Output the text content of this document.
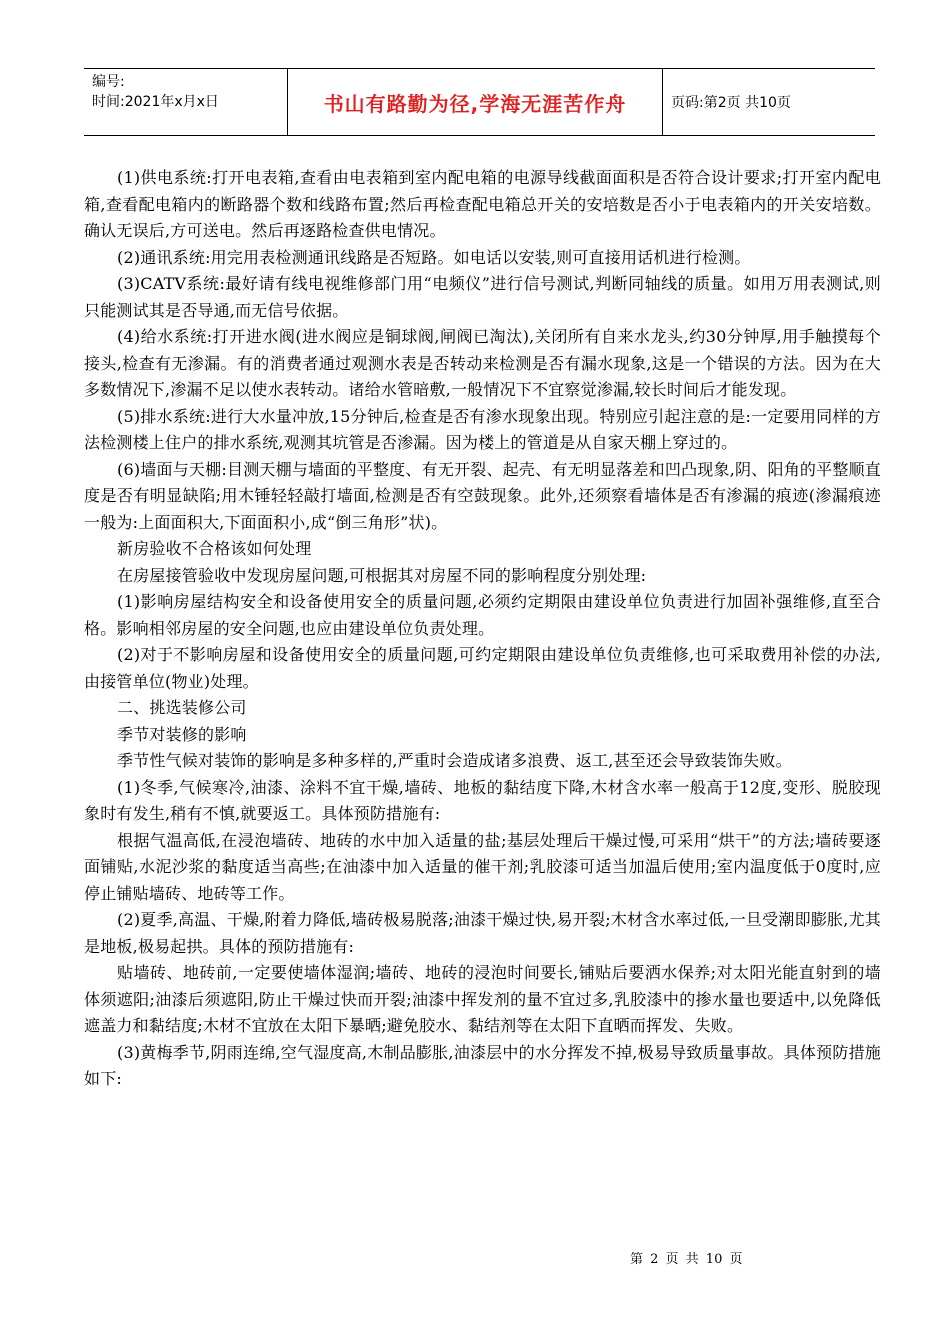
编号:
时间:2021年x月x日	书山有路勤为径,学海无涯苦作舟	页码:第2页 共10页

(1)供电系统:打开电表箱,查看由电表箱到室内配电箱的电源导线截面面积是否符合设计要求;打开室内配电箱,查看配电箱内的断路器个数和线路布置;然后再检查配电箱总开关的安培数是否小于电表箱内的开关安培数。确认无误后,方可送电。然后再逐路检查供电情况。

(2)通讯系统:用完用表检测通讯线路是否短路。如电话以安装,则可直接用话机进行检测。

(3)CATV系统:最好请有线电视维修部门用“电频仪”进行信号测试,判断同轴线的质量。如用万用表测试,则只能测试其是否导通,而无信号依据。

(4)给水系统:打开进水阀(进水阀应是铜球阀,闸阀已淘汰),关闭所有自来水龙头,约30分钟厚,用手触摸每个接头,检查有无渗漏。有的消费者通过观测水表是否转动来检测是否有漏水现象,这是一个错误的方法。因为在大多数情况下,渗漏不足以使水表转动。诸给水管暗敷,一般情况下不宜察觉渗漏,较长时间后才能发现。

(5)排水系统:进行大水量冲放,15分钟后,检查是否有渗水现象出现。特别应引起注意的是:一定要用同样的方法检测楼上住户的排水系统,观测其坑管是否渗漏。因为楼上的管道是从自家天棚上穿过的。

(6)墙面与天棚:目测天棚与墙面的平整度、有无开裂、起壳、有无明显落差和凹凸现象,阴、阳角的平整顺直度是否有明显缺陷;用木锤轻轻敲打墙面,检测是否有空鼓现象。此外,还须察看墙体是否有渗漏的痕迹(渗漏痕迹一般为:上面面积大,下面面积小,成“倒三角形”状)。

新房验收不合格该如何处理

在房屋接管验收中发现房屋问题,可根据其对房屋不同的影响程度分别处理:

(1)影响房屋结构安全和设备使用安全的质量问题,必须约定期限由建设单位负责进行加固补强维修,直至合格。影响相邻房屋的安全问题,也应由建设单位负责处理。

(2)对于不影响房屋和设备使用安全的质量问题,可约定期限由建设单位负责维修,也可采取费用补偿的办法,由接管单位(物业)处理。

二、挑选装修公司

季节对装修的影响

季节性气候对装饰的影响是多种多样的,严重时会造成诸多浪费、返工,甚至还会导致装饰失败。

(1)冬季,气候寒冷,油漆、涂料不宜干燥,墙砖、地板的黏结度下降,木材含水率一般高于12度,变形、脱胶现象时有发生,稍有不慎,就要返工。具体预防措施有:

根据气温高低,在浸泡墙砖、地砖的水中加入适量的盐;基层处理后干燥过慢,可采用“烘干”的方法;墙砖要逐面铺贴,水泥沙浆的黏度适当高些;在油漆中加入适量的催干剂;乳胶漆可适当加温后使用;室内温度低于0度时,应停止铺贴墙砖、地砖等工作。

(2)夏季,高温、干燥,附着力降低,墙砖极易脱落;油漆干燥过快,易开裂;木材含水率过低,一旦受潮即膨胀,尤其是地板,极易起拱。具体的预防措施有:

贴墙砖、地砖前,一定要使墙体湿润;墙砖、地砖的浸泡时间要长,铺贴后要洒水保养;对太阳光能直射到的墙体须遮阳;油漆后须遮阳,防止干燥过快而开裂;油漆中挥发剂的量不宜过多,乳胶漆中的掺水量也要适中,以免降低遮盖力和黏结度;木材不宜放在太阳下暴晒;避免胶水、黏结剂等在太阳下直晒而挥发、失败。

(3)黄梅季节,阴雨连绵,空气湿度高,木制品膨胀,油漆层中的水分挥发不掉,极易导致质量事故。具体预防措施如下:

第 2 页 共 10 页
